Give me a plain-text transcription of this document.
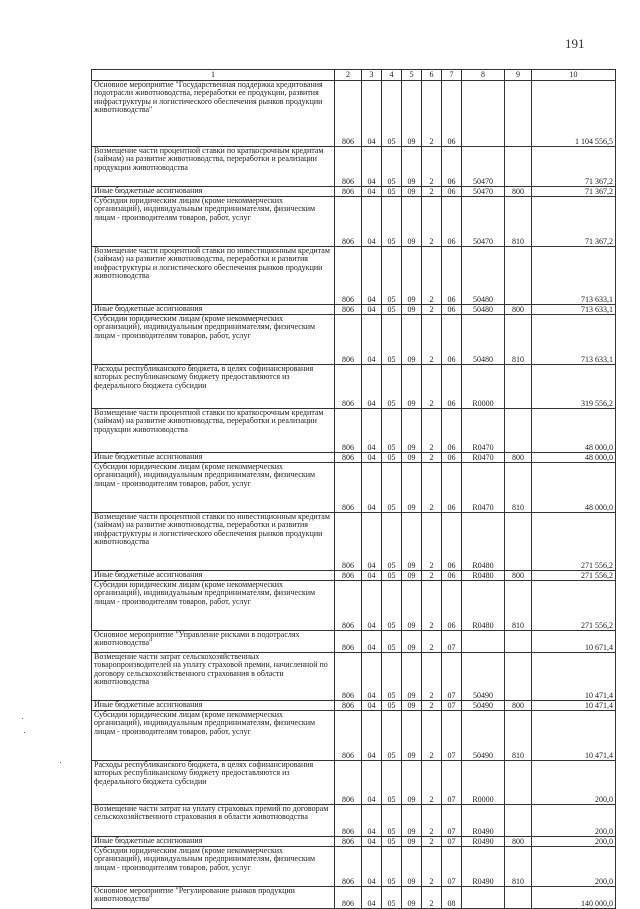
191
1	2	3	4	5	6	7	8	9	10
Основное мероприятие "Государственная поддержка кредитования подотрасли животноводства, переработки ее продукции, развития инфраструктуры и логистического обеспечения рынков продукции животноводства"	806	04	05	09	2	06			1 104 556,5
Возмещение части процентной ставки по краткосрочным кредитам (займам) на развитие животноводства, переработки и реализации продукции животноводства	806	04	05	09	2	06	50470		71 367,2
Иные бюджетные ассигнования	806	04	05	09	2	06	50470	800	71 367,2
Субсидии юридическим лицам (кроме некоммерческих организаций), индивидуальным предпринимателям, физическим лицам - производителям товаров, работ, услуг	806	04	05	09	2	06	50470	810	71 367,2
Возмещение части процентной ставки по инвестиционным кредитам (займам) на развитие животноводства, переработки и развития инфраструктуры и логистического обеспечения рынков продукции животноводства	806	04	05	09	2	06	50480		713 633,1
Иные бюджетные ассигнования	806	04	05	09	2	06	50480	800	713 633,1
Субсидии юридическим лицам (кроме некоммерческих организаций), индивидуальным предпринимателям, физическим лицам - производителям товаров, работ, услуг	806	04	05	09	2	06	50480	810	713 633,1
Расходы республиканского бюджета, в целях софинансирования которых республиканскому бюджету предоставляются из федерального бюджета субсидии	806	04	05	09	2	06	R0000		319 556,2
Возмещение части процентной ставки по краткосрочным кредитам (займам) на развитие животноводства, переработки и реализации продукции животноводства	806	04	05	09	2	06	R0470		48 000,0
Иные бюджетные ассигнования	806	04	05	09	2	06	R0470	800	48 000,0
Субсидии юридическим лицам (кроме некоммерческих организаций), индивидуальным предпринимателям, физическим лицам - производителям товаров, работ, услуг	806	04	05	09	2	06	R0470	810	48 000,0
Возмещение части процентной ставки по инвестиционным кредитам (займам) на развитие животноводства, переработки и развития инфраструктуры и логистического обеспечения рынков продукции животноводства	806	04	05	09	2	06	R0480		271 556,2
Иные бюджетные ассигнования	806	04	05	09	2	06	R0480	800	271 556,2
Субсидии юридическим лицам (кроме некоммерческих организаций), индивидуальным предпринимателям, физическим лицам - производителям товаров, работ, услуг	806	04	05	09	2	06	R0480	810	271 556,2
Основное мероприятие "Управление рисками в подотраслях животноводства"	806	04	05	09	2	07			10 671,4
Возмещение части затрат сельскохозяйственных товаропроизводителей на уплату страховой премии, начисленной по договору сельскохозяйственного страхования в области животноводства	806	04	05	09	2	07	50490		10 471,4
Иные бюджетные ассигнования	806	04	05	09	2	07	50490	800	10 471,4
Субсидии юридическим лицам (кроме некоммерческих организаций), индивидуальным предпринимателям, физическим лицам - производителям товаров, работ, услуг	806	04	05	09	2	07	50490	810	10 471,4
Расходы республиканского бюджета, в целях софинансирования которых республиканскому бюджету предоставляются из федерального бюджета субсидии	806	04	05	09	2	07	R0000		200,0
Возмещение части затрат на уплату страховых премий по договорам сельскохозяйственного страхования в области животноводства	806	04	05	09	2	07	R0490		200,0
Иные бюджетные ассигнования	806	04	05	09	2	07	R0490	800	200,0
Субсидии юридическим лицам (кроме некоммерческих организаций), индивидуальным предпринимателям, физическим лицам - производителям товаров, работ, услуг	806	04	05	09	2	07	R0490	810	200,0
Основное мероприятие "Регулирование рынков продукции животноводства"	806	04	05	09	2	08			140 000,0
